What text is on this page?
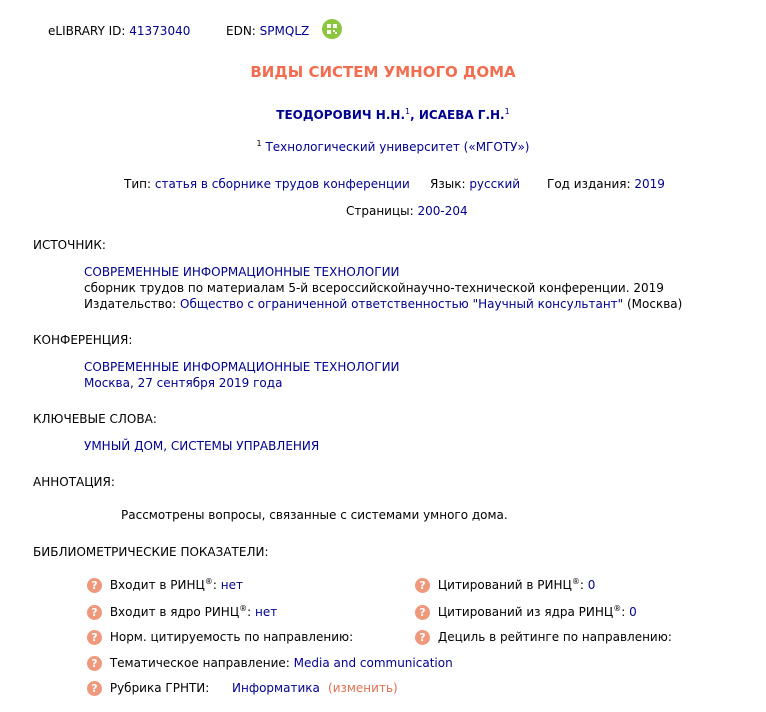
eLIBRARY ID: 41373040	EDN: SPMQLZ
ВИДЫ СИСТЕМ УМНОГО ДОМА
ТЕОДОРОВИЧ Н.Н.$^1$, ИСАЕВА Г.Н.$^1$
$^1$ Технологический университет («МГОТУ»)
Тип: статья в сборнике трудов конференции Язык: русский Год издания: 2019
Страницы: 200-204
ИСТОЧНИК:
СОВРЕМЕННЫЕ ИНФОРМАЦИОННЫЕ ТЕХНОЛОГИИ
сборник трудов по материалам 5-й всероссийскойнаучно-технической конференции. 2019
Издательство: Общество с ограниченной ответственностью "Научный консультант" (Москва)
КОНФЕРЕНЦИЯ:
СОВРЕМЕННЫЕ ИНФОРМАЦИОННЫЕ ТЕХНОЛОГИИ
Москва, 27 сентября 2019 года
КЛЮЧЕВЫЕ СЛОВА:
УМНЫЙ ДОМ, СИСТЕМЫ УПРАВЛЕНИЯ
АННОТАЦИЯ:
Рассмотрены вопросы, связанные с системами умного дома.
БИБЛИОМЕТРИЧЕСКИЕ ПОКАЗАТЕЛИ:
? Входит в РИНЦ®: нет
? Входит в ядро РИНЦ®: нет
? Норм. цитируемость по направлению:
? Тематическое направление: Media and communication
? Рубрика ГРНТИ: Информатика (изменить)
? Цитирований в РИНЦ®: 0
? Цитирований из ядра РИНЦ®: 0
? Дециль в рейтинге по направлению:
